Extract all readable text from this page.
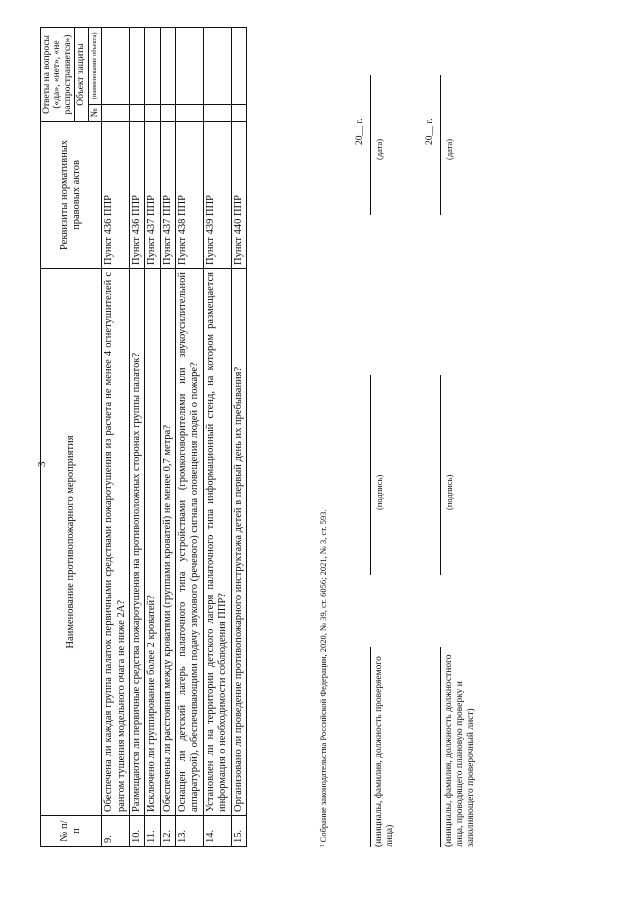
3
№ п/п	Наименование противопожарного мероприятия	Реквизиты нормативных правовых актов	Ответы на вопросы («да», «нет», «не распространяется»)	
			Объект защиты	
			№	(наименование объекта)
9.	Обеспечена ли каждая группа палаток первичными средствами пожаротушения из расчета не менее 4 огнетушителей с рангом тушения модельного очага не ниже 2А?	Пункт 436 ППР		
10.	Размещаются ли первичные средства пожаротушения на противоположных сторонах группы палаток?	Пункт 436 ППР		
11.	Исключено ли группирование более 2 кроватей?	Пункт 437 ППР		
12.	Обеспечены ли расстояния между кроватями (группами кроватей) не менее 0,7 метра?	Пункт 437 ППР		
13.	Оснащен ли детский лагерь палаточного типа устройствами (громкоговорителями или звукоусилительной аппаратурой), обеспечивающими подачу звукового (речевого) сигнала оповещения людей о пожаре?	Пункт 438 ППР		
14.	Установлен ли на территории детского лагеря палаточного типа информационный стенд, на котором размещается информация о необходимости соблюдения ППР?	Пункт 439 ППР		
15.	Организовано ли проведение противопожарного инструктажа детей в первый день их пребывания?	Пункт 440 ППР		
¹ Собрание законодательства Российской Федерации, 2020, № 39, ст. 6056; 2021, № 3, ст. 593.	(инициалы, фамилия, должность проверяемого лица)
(подпись)
20__ г.
(дата)
(инициалы, фамилия, должность должностного лица, проводящего плановую проверку и заполняющего проверочный лист)
(подпись)
20__ г.
(дата)
